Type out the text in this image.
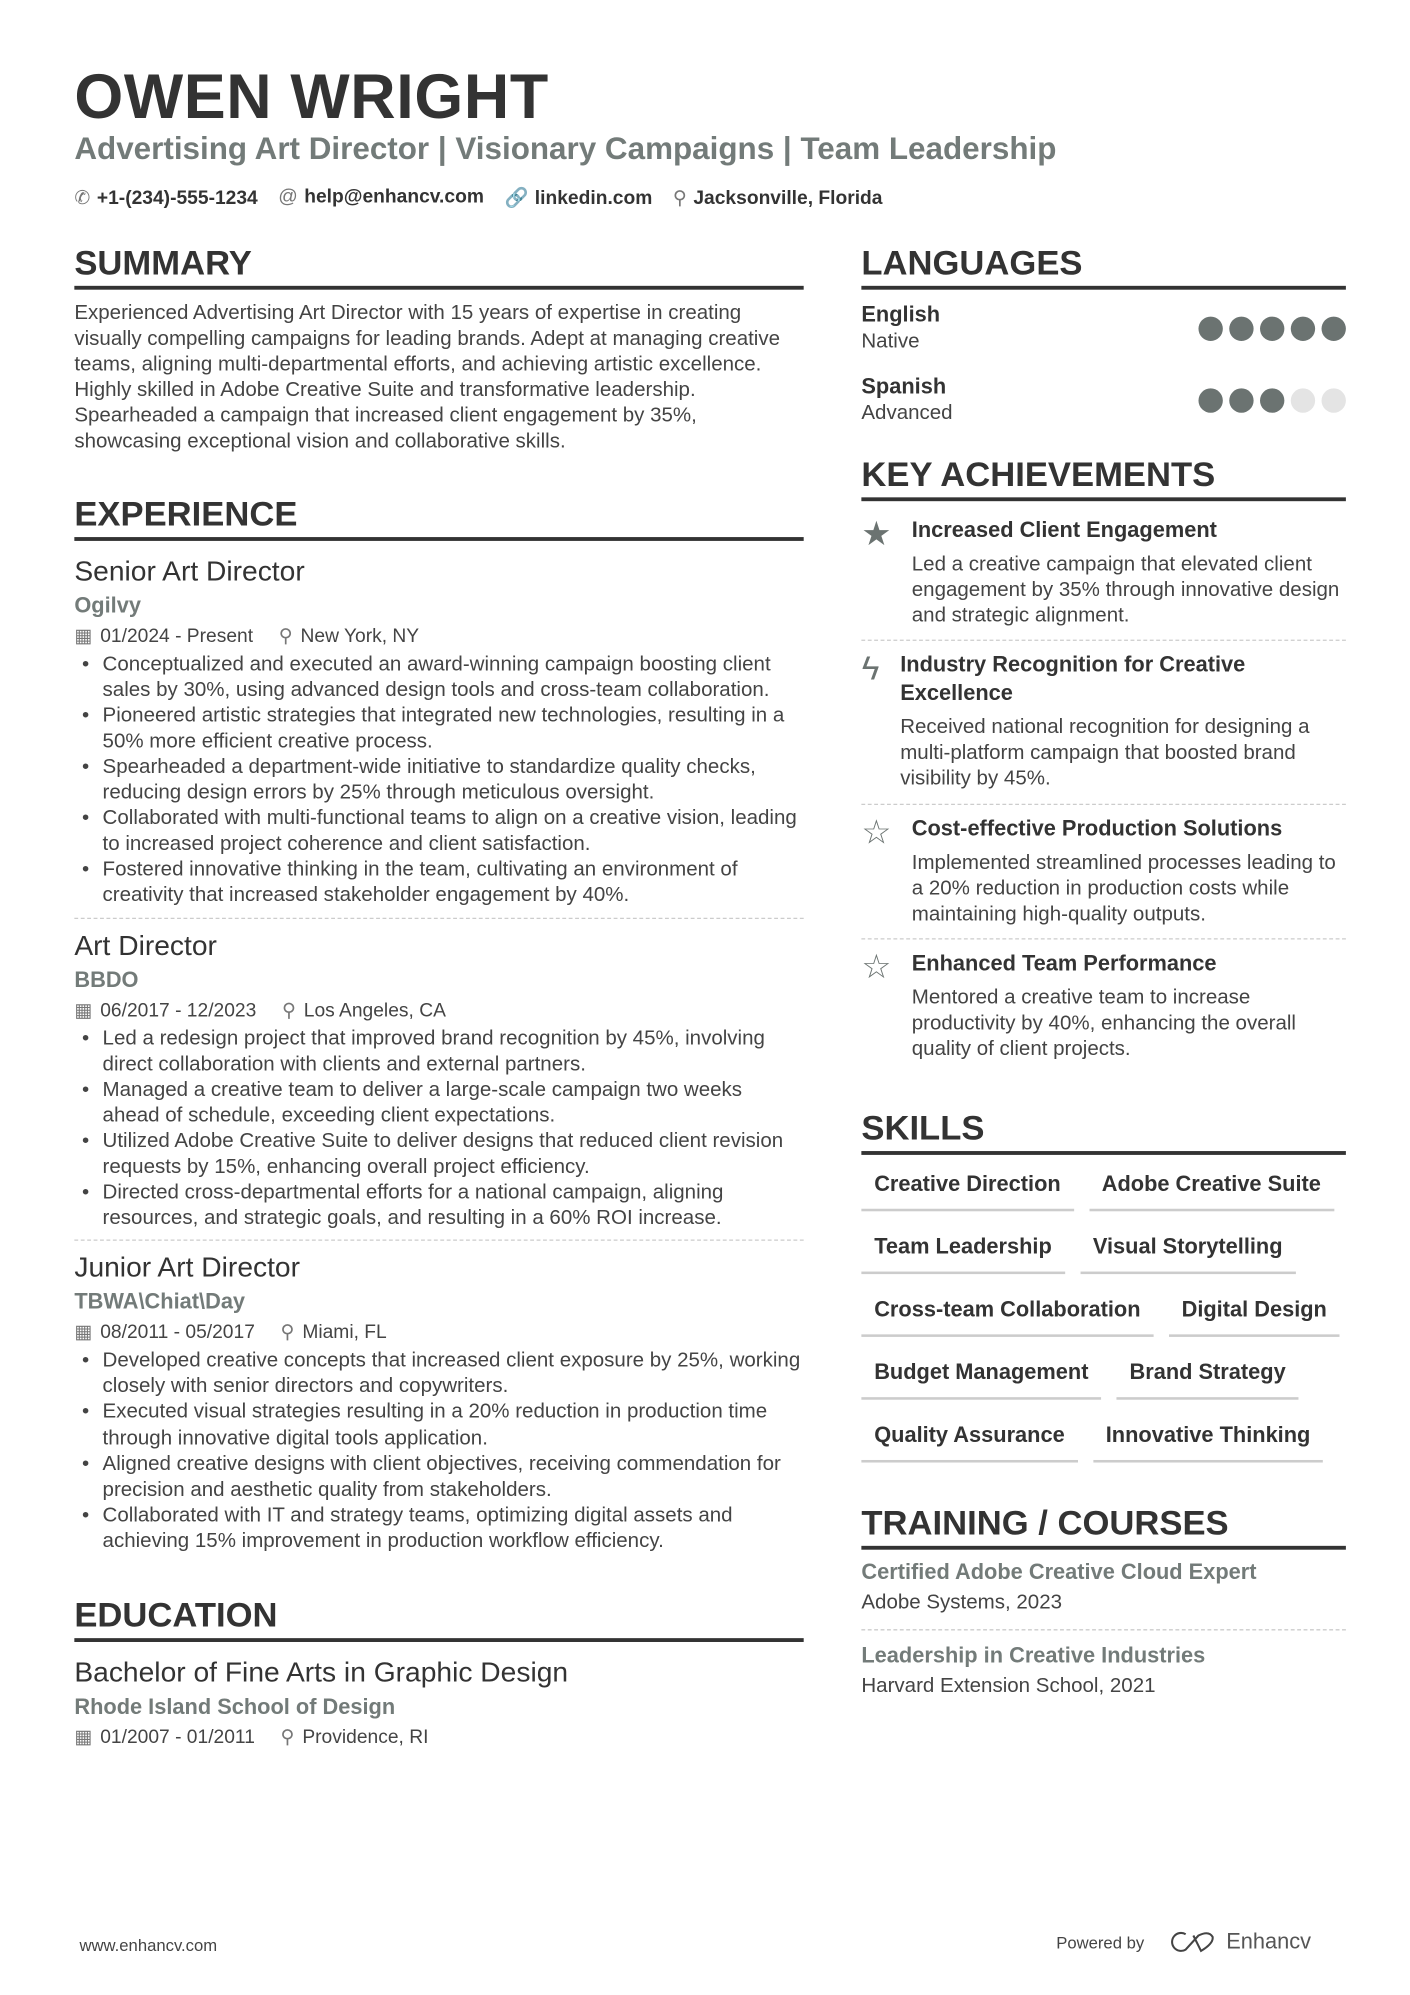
OWEN WRIGHT
Advertising Art Director | Visionary Campaigns | Team Leadership
✆ +1-(234)-555-1234 @ help@enhancv.com 🔗 linkedin.com ⚲ Jacksonville, Florida
SUMMARY

Experienced Advertising Art Director with 15 years of expertise in creating visually compelling campaigns for leading brands. Adept at managing creative teams, aligning multi-departmental efforts, and achieving artistic excellence. Highly skilled in Adobe Creative Suite and transformative leadership. Spearheaded a campaign that increased client engagement by 35%, showcasing exceptional vision and collaborative skills.

EXPERIENCE
Senior Art Director
Ogilvy
▦ 01/2024 - Present ⚲ New York, NY
• Conceptualized and executed an award-winning campaign boosting client sales by 30%, using advanced design tools and cross-team collaboration.
• Pioneered artistic strategies that integrated new technologies, resulting in a 50% more efficient creative process.
• Spearheaded a department-wide initiative to standardize quality checks, reducing design errors by 25% through meticulous oversight.
• Collaborated with multi-functional teams to align on a creative vision, leading to increased project coherence and client satisfaction.
• Fostered innovative thinking in the team, cultivating an environment of creativity that increased stakeholder engagement by 40%.
Art Director
BBDO
▦ 06/2017 - 12/2023 ⚲ Los Angeles, CA
• Led a redesign project that improved brand recognition by 45%, involving direct collaboration with clients and external partners.
• Managed a creative team to deliver a large-scale campaign two weeks ahead of schedule, exceeding client expectations.
• Utilized Adobe Creative Suite to deliver designs that reduced client revision requests by 15%, enhancing overall project efficiency.
• Directed cross-departmental efforts for a national campaign, aligning resources, and strategic goals, and resulting in a 60% ROI increase.
Junior Art Director
TBWA\Chiat\Day
▦ 08/2011 - 05/2017 ⚲ Miami, FL
• Developed creative concepts that increased client exposure by 25%, working closely with senior directors and copywriters.
• Executed visual strategies resulting in a 20% reduction in production time through innovative digital tools application.
• Aligned creative designs with client objectives, receiving commendation for precision and aesthetic quality from stakeholders.
• Collaborated with IT and strategy teams, optimizing digital assets and achieving 15% improvement in production workflow efficiency.
EDUCATION
Bachelor of Fine Arts in Graphic Design
Rhode Island School of Design
▦ 01/2007 - 01/2011 ⚲ Providence, RI
LANGUAGES
English
Native
Spanish
Advanced
KEY ACHIEVEMENTS
★ Increased Client Engagement
Led a creative campaign that elevated client engagement by 35% through innovative design and strategic alignment.
ϟ Industry Recognition for Creative Excellence
Received national recognition for designing a multi-platform campaign that boosted brand visibility by 45%.
☆ Cost-effective Production Solutions
Implemented streamlined processes leading to a 20% reduction in production costs while maintaining high-quality outputs.
☆ Enhanced Team Performance
Mentored a creative team to increase productivity by 40%, enhancing the overall quality of client projects.
SKILLS
Creative Direction	Adobe Creative Suite
Team Leadership	Visual Storytelling
Cross-team Collaboration	Digital Design
Budget Management	Brand Strategy
Quality Assurance	Innovative Thinking
TRAINING / COURSES
Certified Adobe Creative Cloud Expert
Adobe Systems, 2023
Leadership in Creative Industries
Harvard Extension School, 2021
www.enhancv.com	Powered by	Enhancv
